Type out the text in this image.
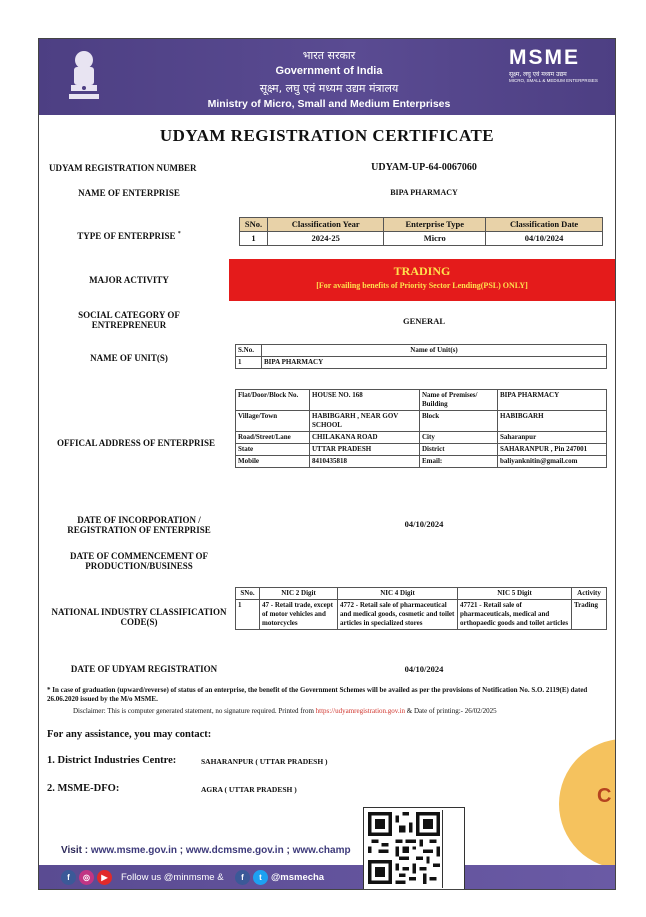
भारत सरकार
Government of India
सूक्ष्म, लघु एवं मध्यम उद्यम मंत्रालय
Ministry of Micro, Small and Medium Enterprises
MSME
सूक्ष्म, लघु एवं मध्यम उद्यम
MICRO, SMALL & MEDIUM ENTERPRISES
UDYAM REGISTRATION CERTIFICATE
UDYAM REGISTRATION NUMBER	UDYAM-UP-64-0067060
NAME OF ENTERPRISE	BIPA PHARMACY
TYPE OF ENTERPRISE *
SNo.	Classification Year	Enterprise Type	Classification Date
1	2024-25	Micro	04/10/2024
MAJOR ACTIVITY
TRADING
[For availing benefits of Priority Sector Lending(PSL) ONLY]
SOCIAL CATEGORY OF ENTREPRENEUR	GENERAL
NAME OF UNIT(S)
S.No.	Name of Unit(s)
1	BIPA PHARMACY
OFFICAL ADDRESS OF ENTERPRISE
Flat/Door/Block No.	HOUSE NO. 168	Name of Premises/ Building	BIPA PHARMACY
Village/Town	HABIBGARH , NEAR GOV SCHOOL	Block	HABIBGARH
Road/Street/Lane	CHILAKANA ROAD	City	Saharanpur
State	UTTAR PRADESH	District	SAHARANPUR , Pin 247001
Mobile	8410435818	Email:	baliyanknitin@gmail.com
DATE OF INCORPORATION / REGISTRATION OF ENTERPRISE
04/10/2024
DATE OF COMMENCEMENT OF PRODUCTION/BUSINESS
NATIONAL INDUSTRY CLASSIFICATION CODE(S)
SNo.	NIC 2 Digit	NIC 4 Digit	NIC 5 Digit	Activity
1	47 - Retail trade, except of motor vehicles and motorcycles	4772 - Retail sale of pharmaceutical and medical goods, cosmetic and toilet articles in specialized stores	47721 - Retail sale of pharmaceuticals, medical and orthopaedic goods and toilet articles	Trading
DATE OF UDYAM REGISTRATION	04/10/2024
* In case of graduation (upward/reverse) of status of an enterprise, the benefit of the Government Schemes will be availed as per the provisions of Notification No. S.O. 2119(E) dated 26.06.2020 issued by the M/o MSME.
Disclaimer: This is computer generated statement, no signature required. Printed from https://udyamregistration.gov.in & Date of printing:- 26/02/2025
For any assistance, you may contact:
1. District Industries Centre:	SAHARANPUR ( UTTAR PRADESH )
2. MSME-DFO:	AGRA ( UTTAR PRADESH )	C
Visit : www.msme.gov.in ; www.dcmsme.gov.in ; www.champ
f	◎	▶	Follow us @minmsme &	f	t @msmecha
